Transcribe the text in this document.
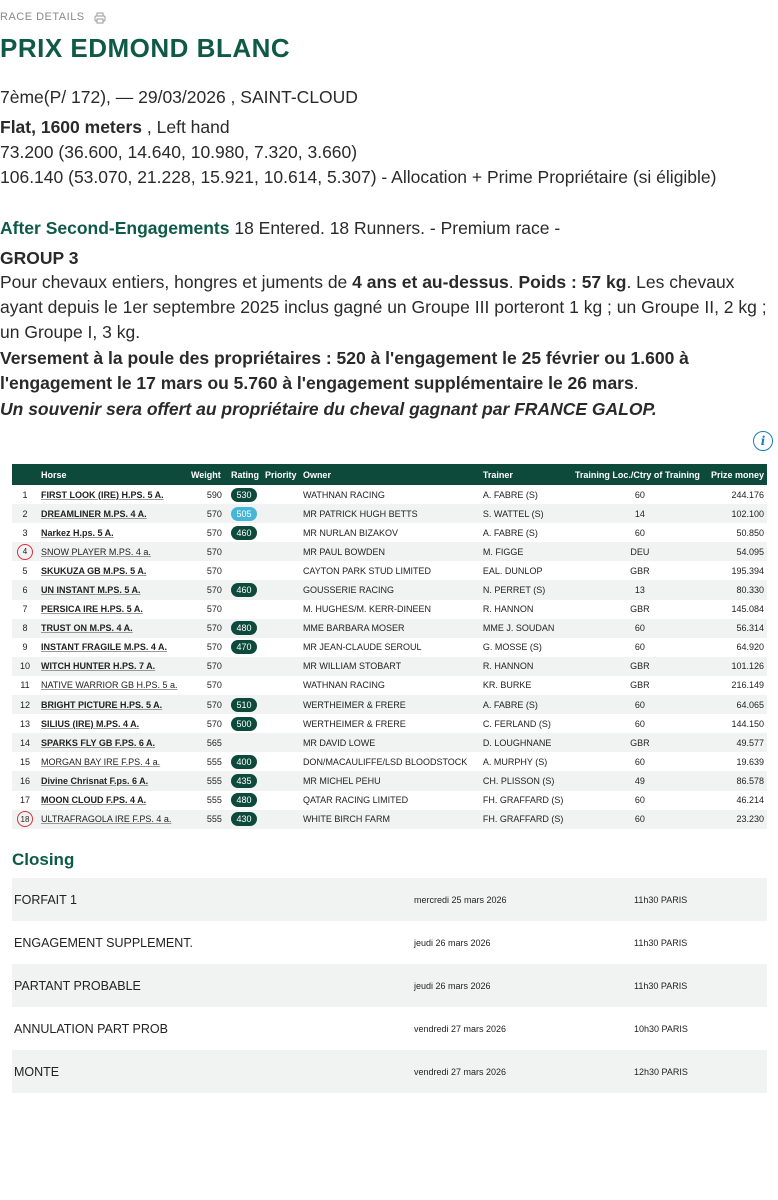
RACE DETAILS
PRIX EDMOND BLANC
7ème(P/ 172), — 29/03/2026 , SAINT-CLOUD
Flat, 1600 meters , Left hand
73.200 (36.600, 14.640, 10.980, 7.320, 3.660)
106.140 (53.070, 21.228, 15.921, 10.614, 5.307) - Allocation + Prime Propriétaire (si éligible)
After Second-Engagements 18 Entered. 18 Runners. - Premium race -
GROUP 3
Pour chevaux entiers, hongres et juments de 4 ans et au-dessus. Poids : 57 kg. Les chevaux ayant depuis le 1er septembre 2025 inclus gagné un Groupe III porteront 1 kg ; un Groupe II, 2 kg ; un Groupe I, 3 kg.
Versement à la poule des propriétaires : 520 à l'engagement le 25 février ou 1.600 à l'engagement le 17 mars ou 5.760 à l'engagement supplémentaire le 26 mars.
Un souvenir sera offert au propriétaire du cheval gagnant par FRANCE GALOP.
i
	Horse	Weight	Rating	Priority	Owner	Trainer	Training Loc./Ctry of Training	Prize money
1	FIRST LOOK (IRE) H.PS. 5 A.	590	530		WATHNAN RACING	A. FABRE (S)	60	244.176
2	DREAMLINER M.PS. 4 A.	570	505		MR PATRICK HUGH BETTS	S. WATTEL (S)	14	102.100
3	Narkez H.ps. 5 A.	570	460		MR NURLAN BIZAKOV	A. FABRE (S)	60	50.850
4	SNOW PLAYER M.PS. 4 a.	570			MR PAUL BOWDEN	M. FIGGE	DEU	54.095
5	SKUKUZA GB M.PS. 5 A.	570			CAYTON PARK STUD LIMITED	EAL. DUNLOP	GBR	195.394
6	UN INSTANT M.PS. 5 A.	570	460		GOUSSERIE RACING	N. PERRET (S)	13	80.330
7	PERSICA IRE H.PS. 5 A.	570			M. HUGHES/M. KERR-DINEEN	R. HANNON	GBR	145.084
8	TRUST ON M.PS. 4 A.	570	480		MME BARBARA MOSER	MME J. SOUDAN	60	56.314
9	INSTANT FRAGILE M.PS. 4 A.	570	470		MR JEAN-CLAUDE SEROUL	G. MOSSE (S)	60	64.920
10	WITCH HUNTER H.PS. 7 A.	570			MR WILLIAM STOBART	R. HANNON	GBR	101.126
11	NATIVE WARRIOR GB H.PS. 5 a.	570			WATHNAN RACING	KR. BURKE	GBR	216.149
12	BRIGHT PICTURE H.PS. 5 A.	570	510		WERTHEIMER & FRERE	A. FABRE (S)	60	64.065
13	SILIUS (IRE) M.PS. 4 A.	570	500		WERTHEIMER & FRERE	C. FERLAND (S)	60	144.150
14	SPARKS FLY GB F.PS. 6 A.	565			MR DAVID LOWE	D. LOUGHNANE	GBR	49.577
15	MORGAN BAY IRE F.PS. 4 a.	555	400		DON/MACAULIFFE/LSD BLOODSTOCK	A. MURPHY (S)	60	19.639
16	Divine Chrisnat F.ps. 6 A.	555	435		MR MICHEL PEHU	CH. PLISSON (S)	49	86.578
17	MOON CLOUD F.PS. 4 A.	555	480		QATAR RACING LIMITED	FH. GRAFFARD (S)	60	46.214
18	ULTRAFRAGOLA IRE F.PS. 4 a.	555	430		WHITE BIRCH FARM	FH. GRAFFARD (S)	60	23.230
Closing
FORFAIT 1	mercredi 25 mars 2026	11h30 PARIS
ENGAGEMENT SUPPLEMENT.	jeudi 26 mars 2026	11h30 PARIS
PARTANT PROBABLE	jeudi 26 mars 2026	11h30 PARIS
ANNULATION PART PROB	vendredi 27 mars 2026	10h30 PARIS
MONTE	vendredi 27 mars 2026	12h30 PARIS
